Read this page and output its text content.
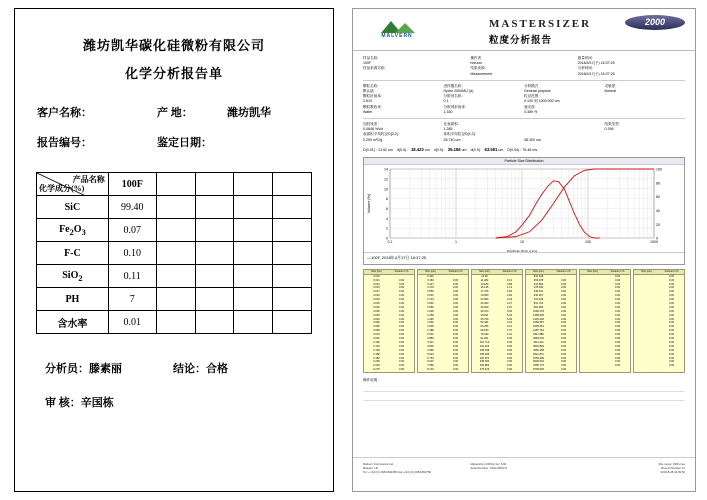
潍坊凯华碳化硅微粉有限公司
化学分析报告单
客户名称：	产 地：	潍坊凯华
报告编号：	鉴定日期：
产品名称
化学成分(%)	100F				
SiC	99.40				
$Fe_2O_3$	0.07				
F-C	0.10				
SiO$_2$	0.11				
PH	7				
含水率	0.01				
分析员：滕素丽	结论：合格
审 核：辛国栋
MALVERN
MASTERSIZER	2000
粒度分析报告
样品名称：
100F
样品来源名称：
操作者：
horizon
结果来源：
Measurement
测量时间：
2018/4/17(于) 16:37:25
分析时间：
2018/4/17(于) 16:37:25
颗粒名称：	进样器名称：	分析模式：	灵敏度：
默认值	Hydro 2000MU (A)	General purpose	Normal
颗粒折射率：	分散剂名称：	粒径范围：
2.610	0.1	0.100 到 1000.000 um
颗粒吸收率：	分散剂折射率：	遮光度：
Water	1.330	0.389 %
加权残差：	比表面积：	结果类型：
0.0848 %Vol	1.285	0.398
表面积平均粒径D[3,2]：	体积平均粒径D[4,3]：
0.209 m²/2g	28.740 um	38.300 um
D(0.01) : 13.52 um d(0.5)： 18.423 um d(0.5)： 35.156 um d(0.9)： 63.591 um D(0.94) : 76.46 ms
Particle Size Distribution
0
2
4
6
8
10
12
14
0
20
40
60
80
100
0.1	1	10	100	1000
Particle Size (um)
Volume (%)
—100F, 2018年4月17日 16:37:25
Size (um)	Volume In %
0.010
0.011	0.00
0.013	0.00
0.015	0.00
0.017	0.00
0.020	0.00
0.023	0.00
0.026	0.00
0.030	0.00
0.035	0.00
0.040	0.00
0.046	0.00
0.052	0.00
0.060	0.00
0.069	0.00
0.079	0.00
0.091	0.00
0.105	0.00
0.120	0.00
0.138	0.00
0.158	0.00
0.182	0.00
0.209	0.00
0.240	0.00
0.275	0.00
Size (um)	Volume In %
0.316
0.363	0.00
0.417	0.00
0.479	0.00
0.550	0.00
0.631	0.00
0.724	0.00
0.832	0.00
0.955	0.00
1.096	0.00
1.259	0.00
1.445	0.00
1.660	0.00
1.905	0.00
2.188	0.00
2.512	0.00
2.884	0.00
3.311	0.00
3.802	0.00
4.365	0.00
5.012	0.00
5.754	0.00
6.607	0.00
7.586	0.00
8.710	0.00
Size (um)	Volume In %
10.00
11.482	0.14
13.183	0.58
15.136	1.14
17.378	1.82
19.953	2.60
22.909	3.44
26.303	4.27
30.200	4.97
34.674	5.40
39.811	5.44
45.709	5.04
52.481	4.22
60.256	3.12
69.183	1.97
79.433	1.01
91.201	0.36
104.713	0.05
120.226	0.00
138.038	0.00
158.489	0.00
181.970	0.00
208.930	0.00
239.883	0.00
275.423	0.00
Size (um)	Volume In %
316.228
363.078	0.00
416.869	0.00
478.630	0.00
549.541	0.00
630.957	0.00
724.436	0.00
831.764	0.00
954.993	0.00
1096.478	0.00
1258.925	0.00
1445.440	0.00
1659.587	0.00
1905.461	0.00
2187.762	0.00
2511.886	0.00
2884.032	0.00
3311.311	0.00
3801.894	0.00
4365.158	0.00
5011.872	0.00
5754.399	0.00
6606.934	0.00
7585.776	0.00
8709.636	0.00
Size (um)	Volume In %
0.00
0.00
0.00
0.00
0.00
0.00
0.00
0.00
0.00
0.00
0.00
0.00
0.00
0.00
0.00
0.00
0.00
0.00
0.00
0.00
0.00
0.00
0.00
0.00
Size (um)	Volume In %
0.00
0.00
0.00
0.00
0.00
0.00
0.00
0.00
0.00
0.00
0.00
0.00
0.00
0.00
0.00
0.00
0.00
0.00
0.00
0.00
0.00
0.00
0.00
0.00
操作说明：
Malvern Instruments Ltd.
Malvern, UK
Tel :+ (44) (0) 1684 892456 Fax:+(44) (0) 1684 892789
Mastersizer 2000 E Ver. 5.60
Serial Number : MAL1005172
File name: 100F.mea
Record Number:13
2018-8-28 16:09:52
